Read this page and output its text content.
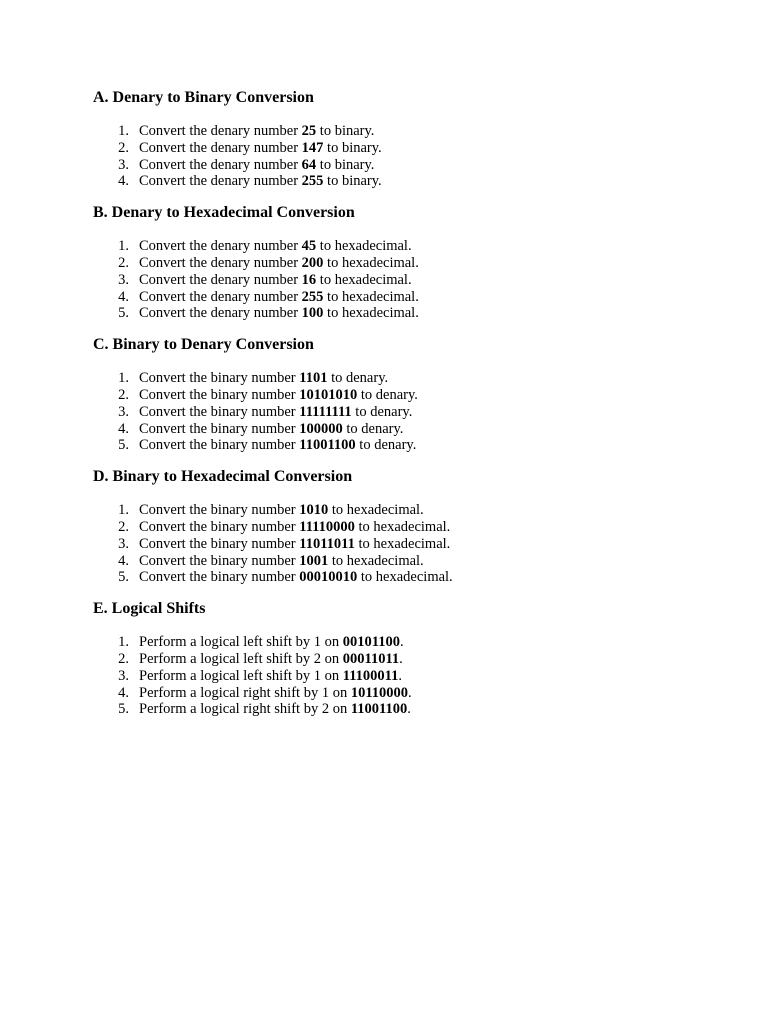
A. Denary to Binary Conversion
1. Convert the denary number 25 to binary.
2. Convert the denary number 147 to binary.
3. Convert the denary number 64 to binary.
4. Convert the denary number 255 to binary.
B. Denary to Hexadecimal Conversion
1. Convert the denary number 45 to hexadecimal.
2. Convert the denary number 200 to hexadecimal.
3. Convert the denary number 16 to hexadecimal.
4. Convert the denary number 255 to hexadecimal.
5. Convert the denary number 100 to hexadecimal.
C. Binary to Denary Conversion
1. Convert the binary number 1101 to denary.
2. Convert the binary number 10101010 to denary.
3. Convert the binary number 11111111 to denary.
4. Convert the binary number 100000 to denary.
5. Convert the binary number 11001100 to denary.
D. Binary to Hexadecimal Conversion
1. Convert the binary number 1010 to hexadecimal.
2. Convert the binary number 11110000 to hexadecimal.
3. Convert the binary number 11011011 to hexadecimal.
4. Convert the binary number 1001 to hexadecimal.
5. Convert the binary number 00010010 to hexadecimal.
E. Logical Shifts
1. Perform a logical left shift by 1 on 00101100.
2. Perform a logical left shift by 2 on 00011011.
3. Perform a logical left shift by 1 on 11100011.
4. Perform a logical right shift by 1 on 10110000.
5. Perform a logical right shift by 2 on 11001100.
